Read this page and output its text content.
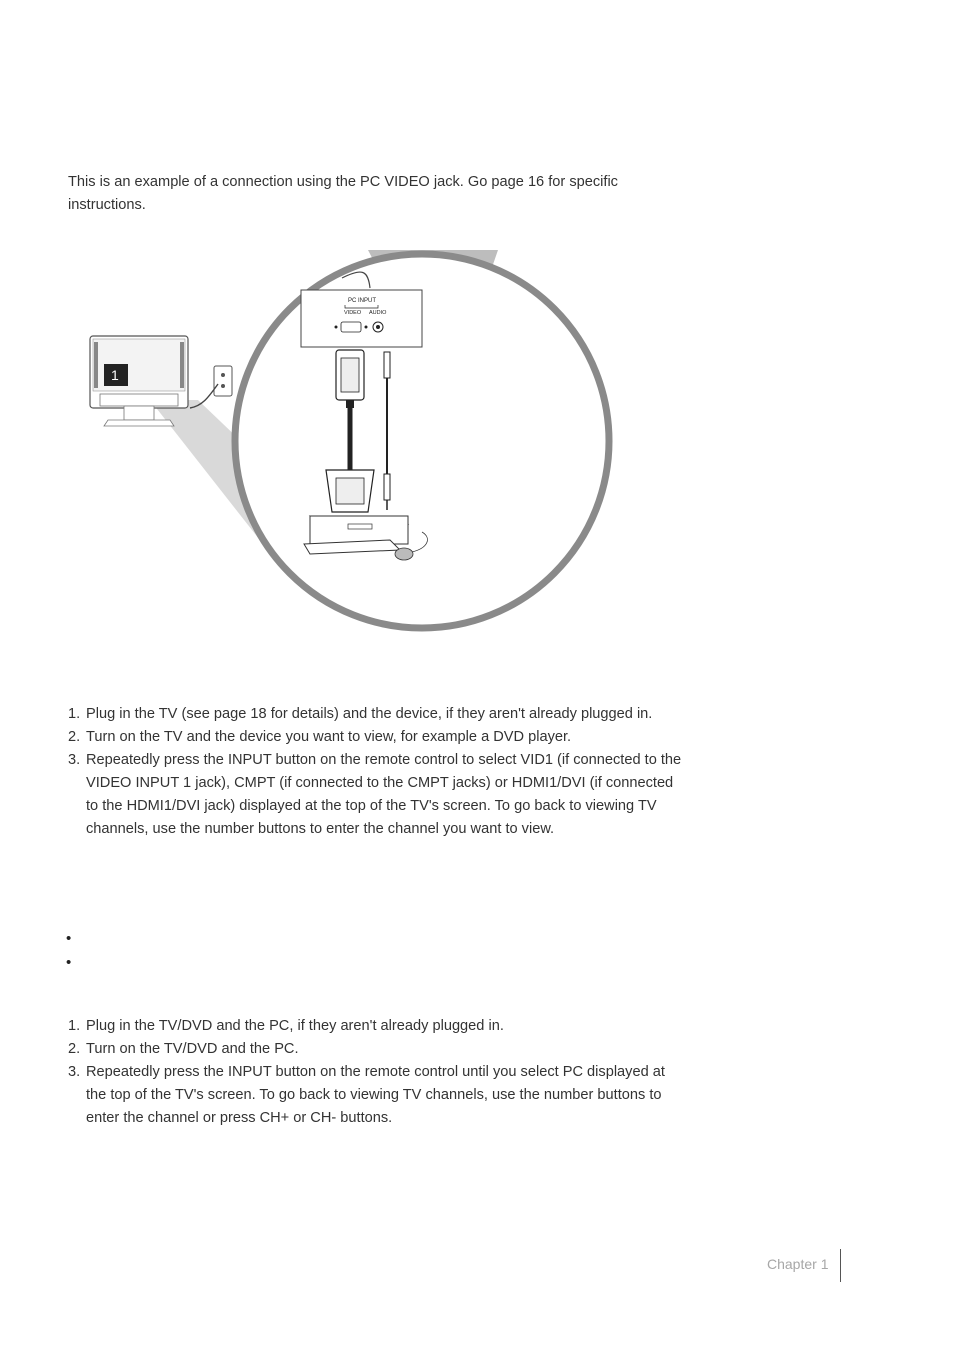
This is an example of a connection using the PC VIDEO jack. Go page 16 for specific instructions.

1
PC INPUT
VIDEO AUDIO
1. Plug in the TV (see page 18 for details) and the device, if they aren't already plugged in.
2. Turn on the TV and the device you want to view, for example a DVD player.
3. Repeatedly press the INPUT button on the remote control to select VID1 (if connected to the VIDEO INPUT 1 jack), CMPT (if connected to the CMPT jacks) or HDMI1/DVI (if connected to the HDMI1/DVI jack) displayed at the top of the TV's screen. To go back to viewing TV channels, use the number buttons to enter the channel you want to view.
•
•
1. Plug in the TV/DVD and the PC, if they aren't already plugged in.
2. Turn on the TV/DVD and the PC.
3. Repeatedly press the INPUT button on the remote control until you select PC displayed at the top of the TV's screen. To go back to viewing TV channels, use the number buttons to enter the channel or press CH+ or CH- buttons.
Chapter 1
